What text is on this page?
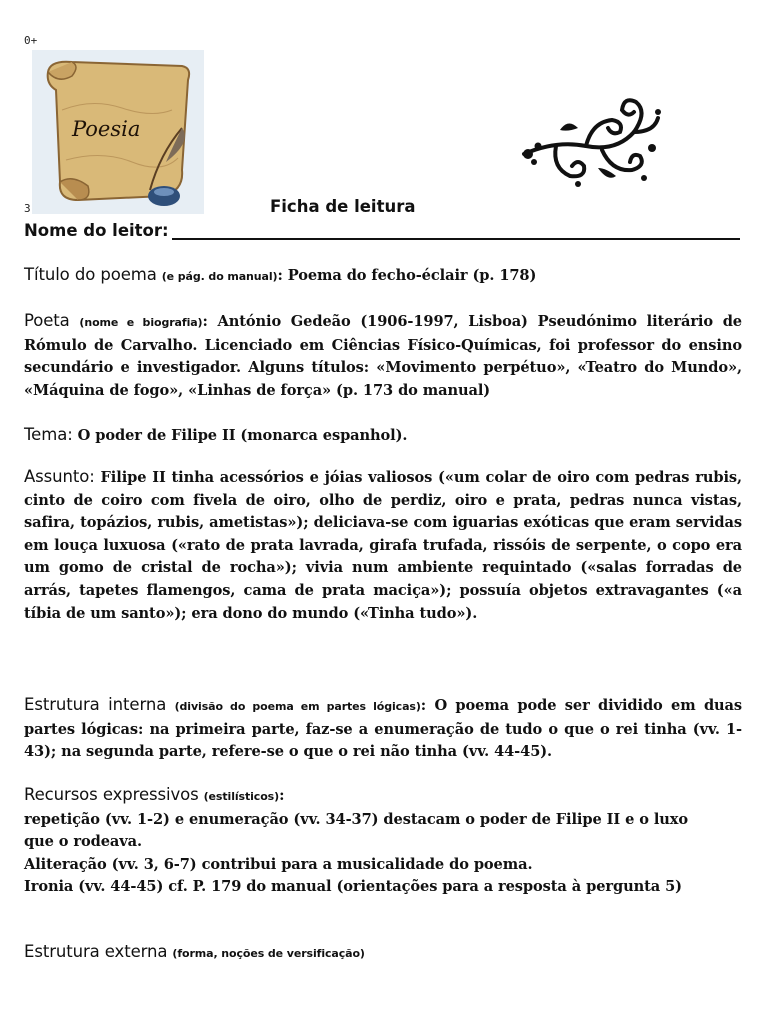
0+
Poesia
3	Ficha de leitura
Nome do leitor:
Título do poema (e pág. do manual): Poema do fecho-éclair (p. 178)
Poeta (nome e biografia): António Gedeão (1906-1997, Lisboa) Pseudónimo literário de Rómulo de Carvalho. Licenciado em Ciências Físico-Químicas, foi professor do ensino secundário e investigador. Alguns títulos: «Movimento perpétuo», «Teatro do Mundo», «Máquina de fogo», «Linhas de força» (p. 173 do manual)
Tema: O poder de Filipe II (monarca espanhol).
Assunto: Filipe II tinha acessórios e jóias valiosos («um colar de oiro com pedras rubis, cinto de coiro com fivela de oiro, olho de perdiz, oiro e prata, pedras nunca vistas, safira, topázios, rubis, ametistas»); deliciava-se com iguarias exóticas que eram servidas em louça luxuosa («rato de prata lavrada, girafa trufada, rissóis de serpente, o copo era um gomo de cristal de rocha»); vivia num ambiente requintado («salas forradas de arrás, tapetes flamengos, cama de prata maciça»); possuía objetos extravagantes («a tíbia de um santo»); era dono do mundo («Tinha tudo»).
Estrutura interna (divisão do poema em partes lógicas): O poema pode ser dividido em duas partes lógicas: na primeira parte, faz-se a enumeração de tudo o que o rei tinha (vv. 1-43); na segunda parte, refere-se o que o rei não tinha (vv. 44-45).
Recursos expressivos (estilísticos):
repetição (vv. 1-2) e enumeração (vv. 34-37) destacam o poder de Filipe II e o luxo que o rodeava.
Aliteração (vv. 3, 6-7) contribui para a musicalidade do poema.
Ironia (vv. 44-45) cf. P. 179 do manual (orientações para a resposta à pergunta 5)
Estrutura externa (forma, noções de versificação)
